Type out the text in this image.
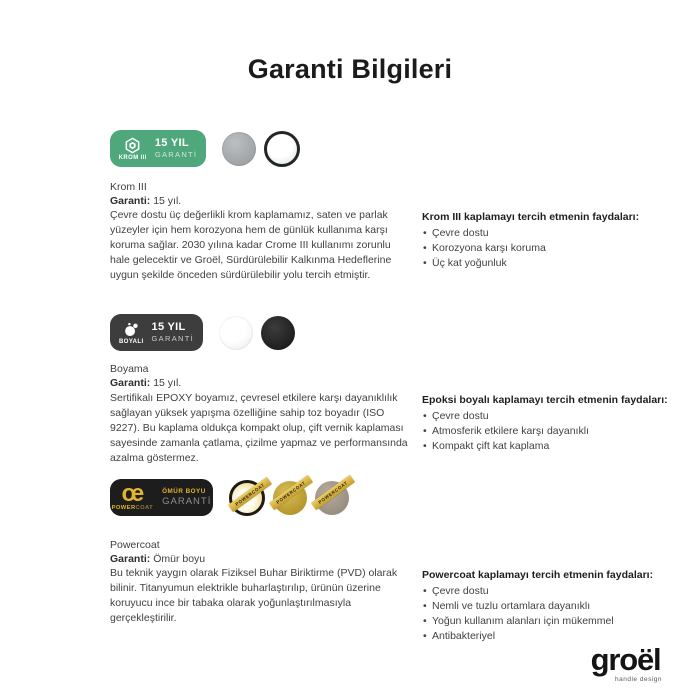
Garanti Bilgileri
KROM III
15 YIL
GARANTİ
Krom III
Garanti: 15 yıl.
Çevre dostu üç değerlikli krom kaplamamız, saten ve parlak yüzeyler için hem korozyona hem de günlük kullanıma karşı koruma sağlar. 2030 yılına kadar Crome III kullanımı zorunlu hale gelecektir ve Groël, Sürdürülebilir Kalkınma Hedeflerine uygun şekilde önceden sürdürülebilir yolu tercih etmiştir.
Krom III kaplamayı tercih etmenin faydaları:
• Çevre dostu
• Korozyona karşı koruma
• Üç kat yoğunluk
BOYALI
15 YIL
GARANTİ
Boyama
Garanti: 15 yıl.
Sertifikalı EPOXY boyamız, çevresel etkilere karşı dayanıklılık sağlayan yüksek yapışma özelliğine sahip toz boyadır (ISO 9227). Bu kaplama oldukça kompakt olup, çift vernik kaplaması sayesinde zamanla çatlama, çizilme yapmaz ve performansında azalma göstermez.
Epoksi boyalı kaplamayı tercih etmenin faydaları:
• Çevre dostu
• Atmosferik etkilere karşı dayanıklı
• Kompakt çift kat kaplama
œ
POWERCOAT
ÖMÜR BOYU
GARANTİ	POWERCOAT	POWERCOAT	POWERCOAT
Powercoat
Garanti: Ömür boyu
Bu teknik yaygın olarak Fiziksel Buhar Biriktirme (PVD) olarak bilinir. Titanyumun elektrikle buharlaştırılıp, ürünün üzerine koruyucu ince bir tabaka olarak yoğunlaştırılmasıyla gerçekleştirilir.
Powercoat kaplamayı tercih etmenin faydaları:
• Çevre dostu
• Nemli ve tuzlu ortamlara dayanıklı
• Yoğun kullanım alanları için mükemmel
• Antibakteriyel
groël
handle design
